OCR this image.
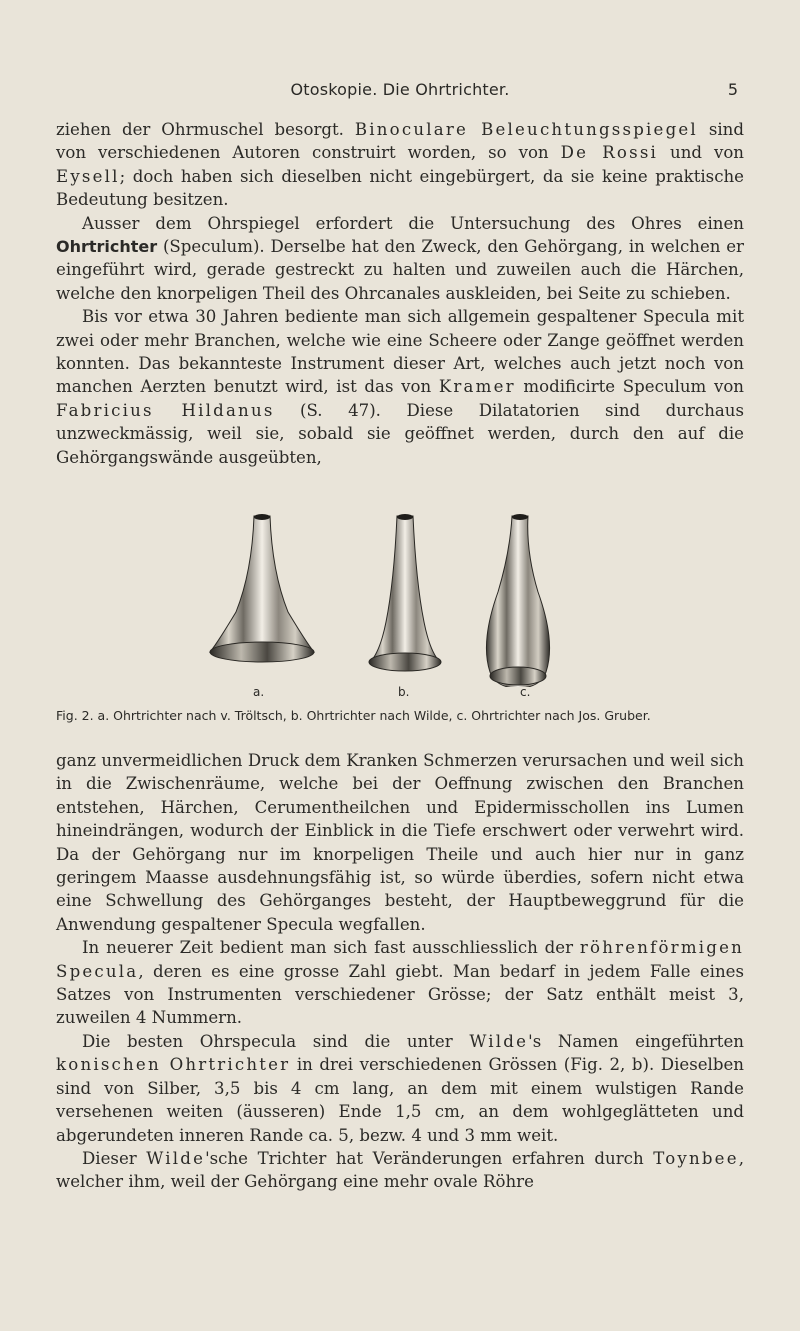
Otoskopie. Die Ohrtrichter.	5

ziehen der Ohrmuschel besorgt. Binoculare Beleuchtungsspiegel sind von verschiedenen Autoren construirt worden, so von De Rossi und von Eysell; doch haben sich dieselben nicht eingebürgert, da sie keine praktische Bedeutung besitzen.

Ausser dem Ohrspiegel erfordert die Untersuchung des Ohres einen Ohrtrichter (Speculum). Derselbe hat den Zweck, den Gehörgang, in welchen er eingeführt wird, gerade gestreckt zu halten und zuweilen auch die Härchen, welche den knorpeligen Theil des Ohrcanales auskleiden, bei Seite zu schieben.

Bis vor etwa 30 Jahren bediente man sich allgemein gespaltener Specula mit zwei oder mehr Branchen, welche wie eine Scheere oder Zange geöffnet werden konnten. Das bekannteste Instrument dieser Art, welches auch jetzt noch von manchen Aerzten benutzt wird, ist das von Kramer modificirte Speculum von Fabricius Hildanus (S. 47). Diese Dilatatorien sind durchaus unzweckmässig, weil sie, sobald sie geöffnet werden, durch den auf die Gehörgangswände ausgeübten,

a.	b.	c.
Fig. 2. a. Ohrtrichter nach v. Tröltsch, b. Ohrtrichter nach Wilde, c. Ohrtrichter nach Jos. Gruber.

ganz unvermeidlichen Druck dem Kranken Schmerzen verursachen und weil sich in die Zwischenräume, welche bei der Oeffnung zwischen den Branchen entstehen, Härchen, Cerumentheilchen und Epidermisschollen ins Lumen hineindrängen, wodurch der Einblick in die Tiefe erschwert oder verwehrt wird. Da der Gehörgang nur im knorpeligen Theile und auch hier nur in ganz geringem Maasse ausdehnungsfähig ist, so würde überdies, sofern nicht etwa eine Schwellung des Gehörganges besteht, der Hauptbeweggrund für die Anwendung gespaltener Specula wegfallen.

In neuerer Zeit bedient man sich fast ausschliesslich der röhrenförmigen Specula, deren es eine grosse Zahl giebt. Man bedarf in jedem Falle eines Satzes von Instrumenten verschiedener Grösse; der Satz enthält meist 3, zuweilen 4 Nummern.

Die besten Ohrspecula sind die unter Wilde's Namen eingeführten konischen Ohrtrichter in drei verschiedenen Grössen (Fig. 2, b). Dieselben sind von Silber, 3,5 bis 4 cm lang, an dem mit einem wulstigen Rande versehenen weiten (äusseren) Ende 1,5 cm, an dem wohlgeglätteten und abgerundeten inneren Rande ca. 5, bezw. 4 und 3 mm weit.

Dieser Wilde'sche Trichter hat Veränderungen erfahren durch Toynbee, welcher ihm, weil der Gehörgang eine mehr ovale Röhre
